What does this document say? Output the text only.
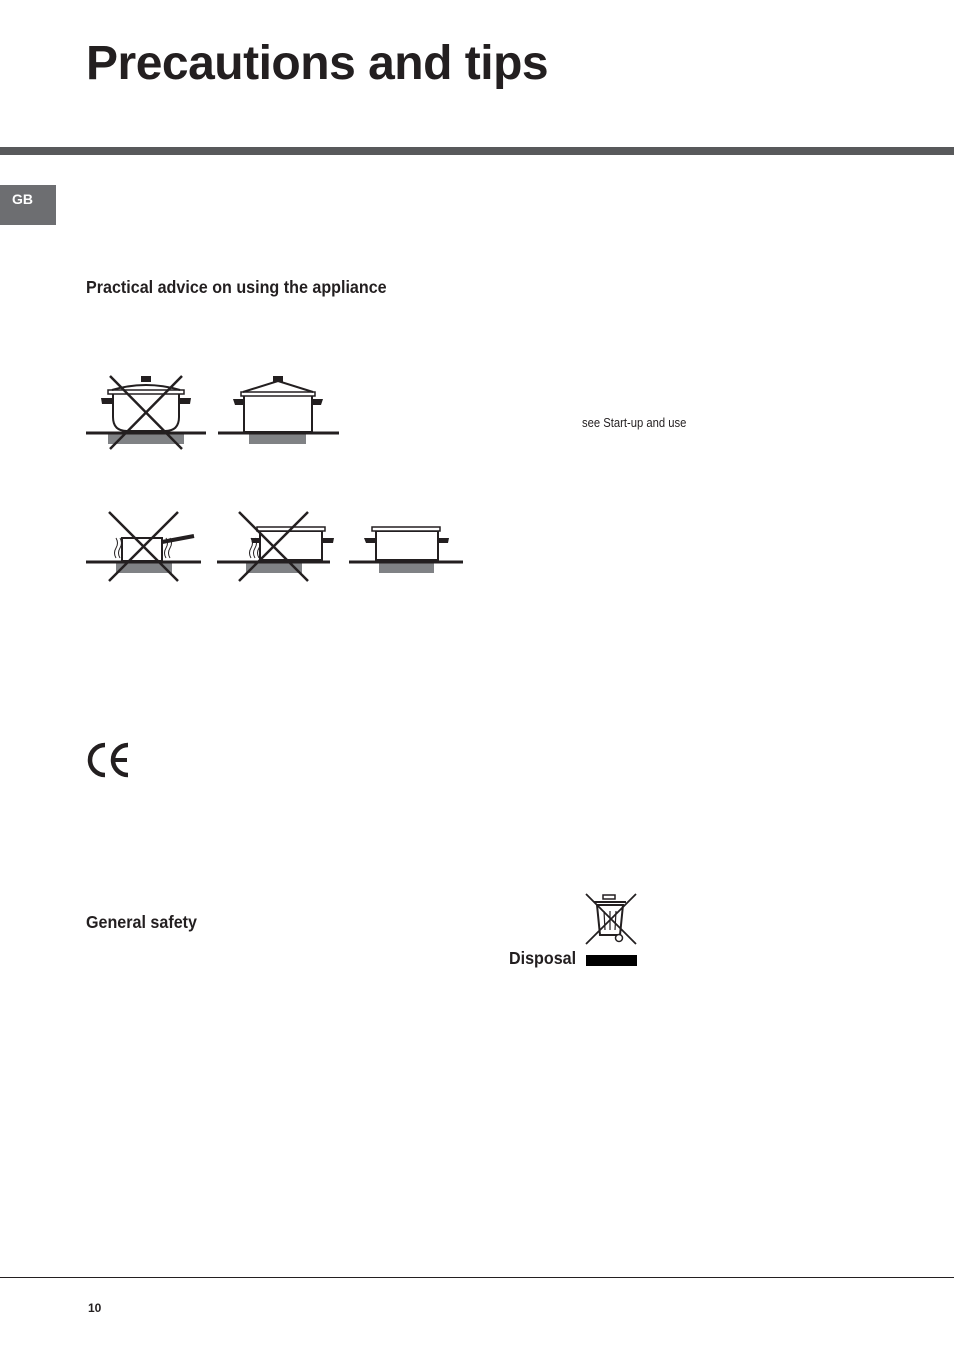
Precautions and tips
GB
Practical advice on using the appliance
see Start-up and use
General safety
Disposal
10
